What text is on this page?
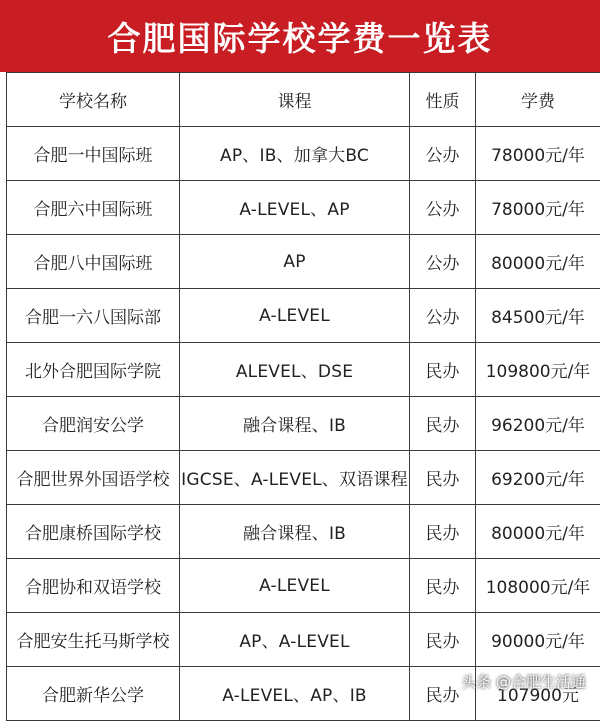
合肥国际学校学费一览表
学校名称	课程	性质	学费
合肥一中国际班	AP、IB、加拿大BC	公办	78000元/年
合肥六中国际班	A-LEVEL、AP	公办	78000元/年
合肥八中国际班	AP	公办	80000元/年
合肥一六八国际部	A-LEVEL	公办	84500元/年
北外合肥国际学院	ALEVEL、DSE	民办	109800元/年
合肥润安公学	融合课程、IB	民办	96200元/年
合肥世界外国语学校	IGCSE、A-LEVEL、双语课程	民办	69200元/年
合肥康桥国际学校	融合课程、IB	民办	80000元/年
合肥协和双语学校	A-LEVEL	民办	108000元/年
合肥安生托马斯学校	AP、A-LEVEL	民办	90000元/年
合肥新华公学	A-LEVEL、AP、IB	民办	107900元
头条 @合肥生活通
